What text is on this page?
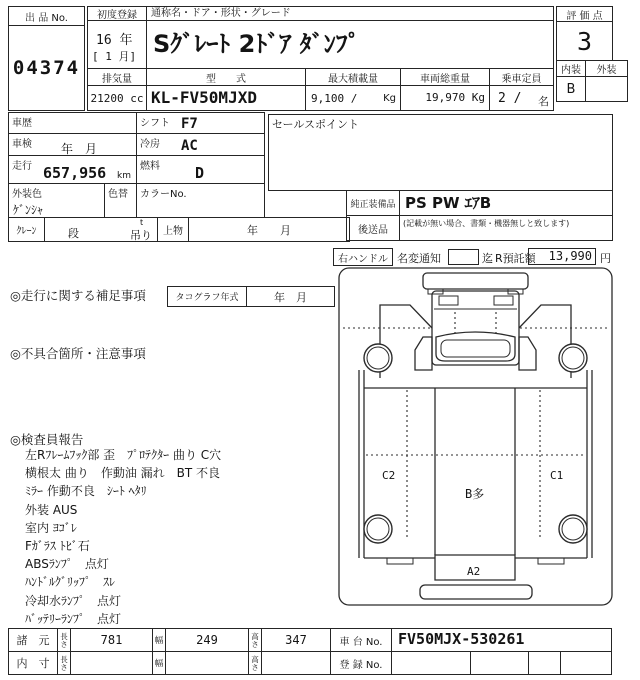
出 品 No.
04374
初度登録
16 年
[ 1 月]
排気量
21200 cc
通称名・ドア・形状・グレード
Sｸﾞﾚｰﾄ 2ﾄﾞｱ ﾀﾞﾝﾌﾟ
型　　式
KL-FV50MJXD
最大積載量
9,100 /	Kg
車両総重量
19,970 Kg
乗車定員
2 / 名
評 価 点
3
内装	外装
B
車歴	シフト F7
車検 年　月	冷房 AC
走行 657,956 km
燃料 D
外装色
ｹﾞﾝｼｬ
色替 カラーNo.
ｸﾚｰﾝ	段
t
吊り	上物	年　　月
セールスポイント
純正装備品 PS PW ｴｱB
後送品
(記載が無い場合、書類・機器無しと致します)
右ハンドル 名変通知	迄 R預託額	13,990 円
◎走行に関する補足事項	タコグラフ年式	年　月
◎不具合箇所・注意事項
◎検査員報告
左Rﾌﾚｰﾑﾌｯｸ部 歪　ﾌﾟﾛﾃｸﾀｰ 曲り C穴
横根太 曲り　作動油 漏れ　BT 不良
ﾐﾗｰ 作動不良　ｼｰﾄ ﾍﾀﾘ
外装 AUS
室内 ﾖｺﾞﾚ
Fｶﾞﾗｽ ﾄﾋﾞ石
ABSﾗﾝﾌﾟ　点灯
ﾊﾝﾄﾞﾙｸﾞﾘｯﾌﾟ　ｽﾚ
冷却水ﾗﾝﾌﾟ　点灯
ﾊﾞｯﾃﾘｰﾗﾝﾌﾟ　点灯
C2	C1
B多
A2
諸　元	長さ	781	幅	249	高さ	347	車 台 No.	FV50MJX-530261
内　寸	長さ	幅	高さ	登 録 No.
